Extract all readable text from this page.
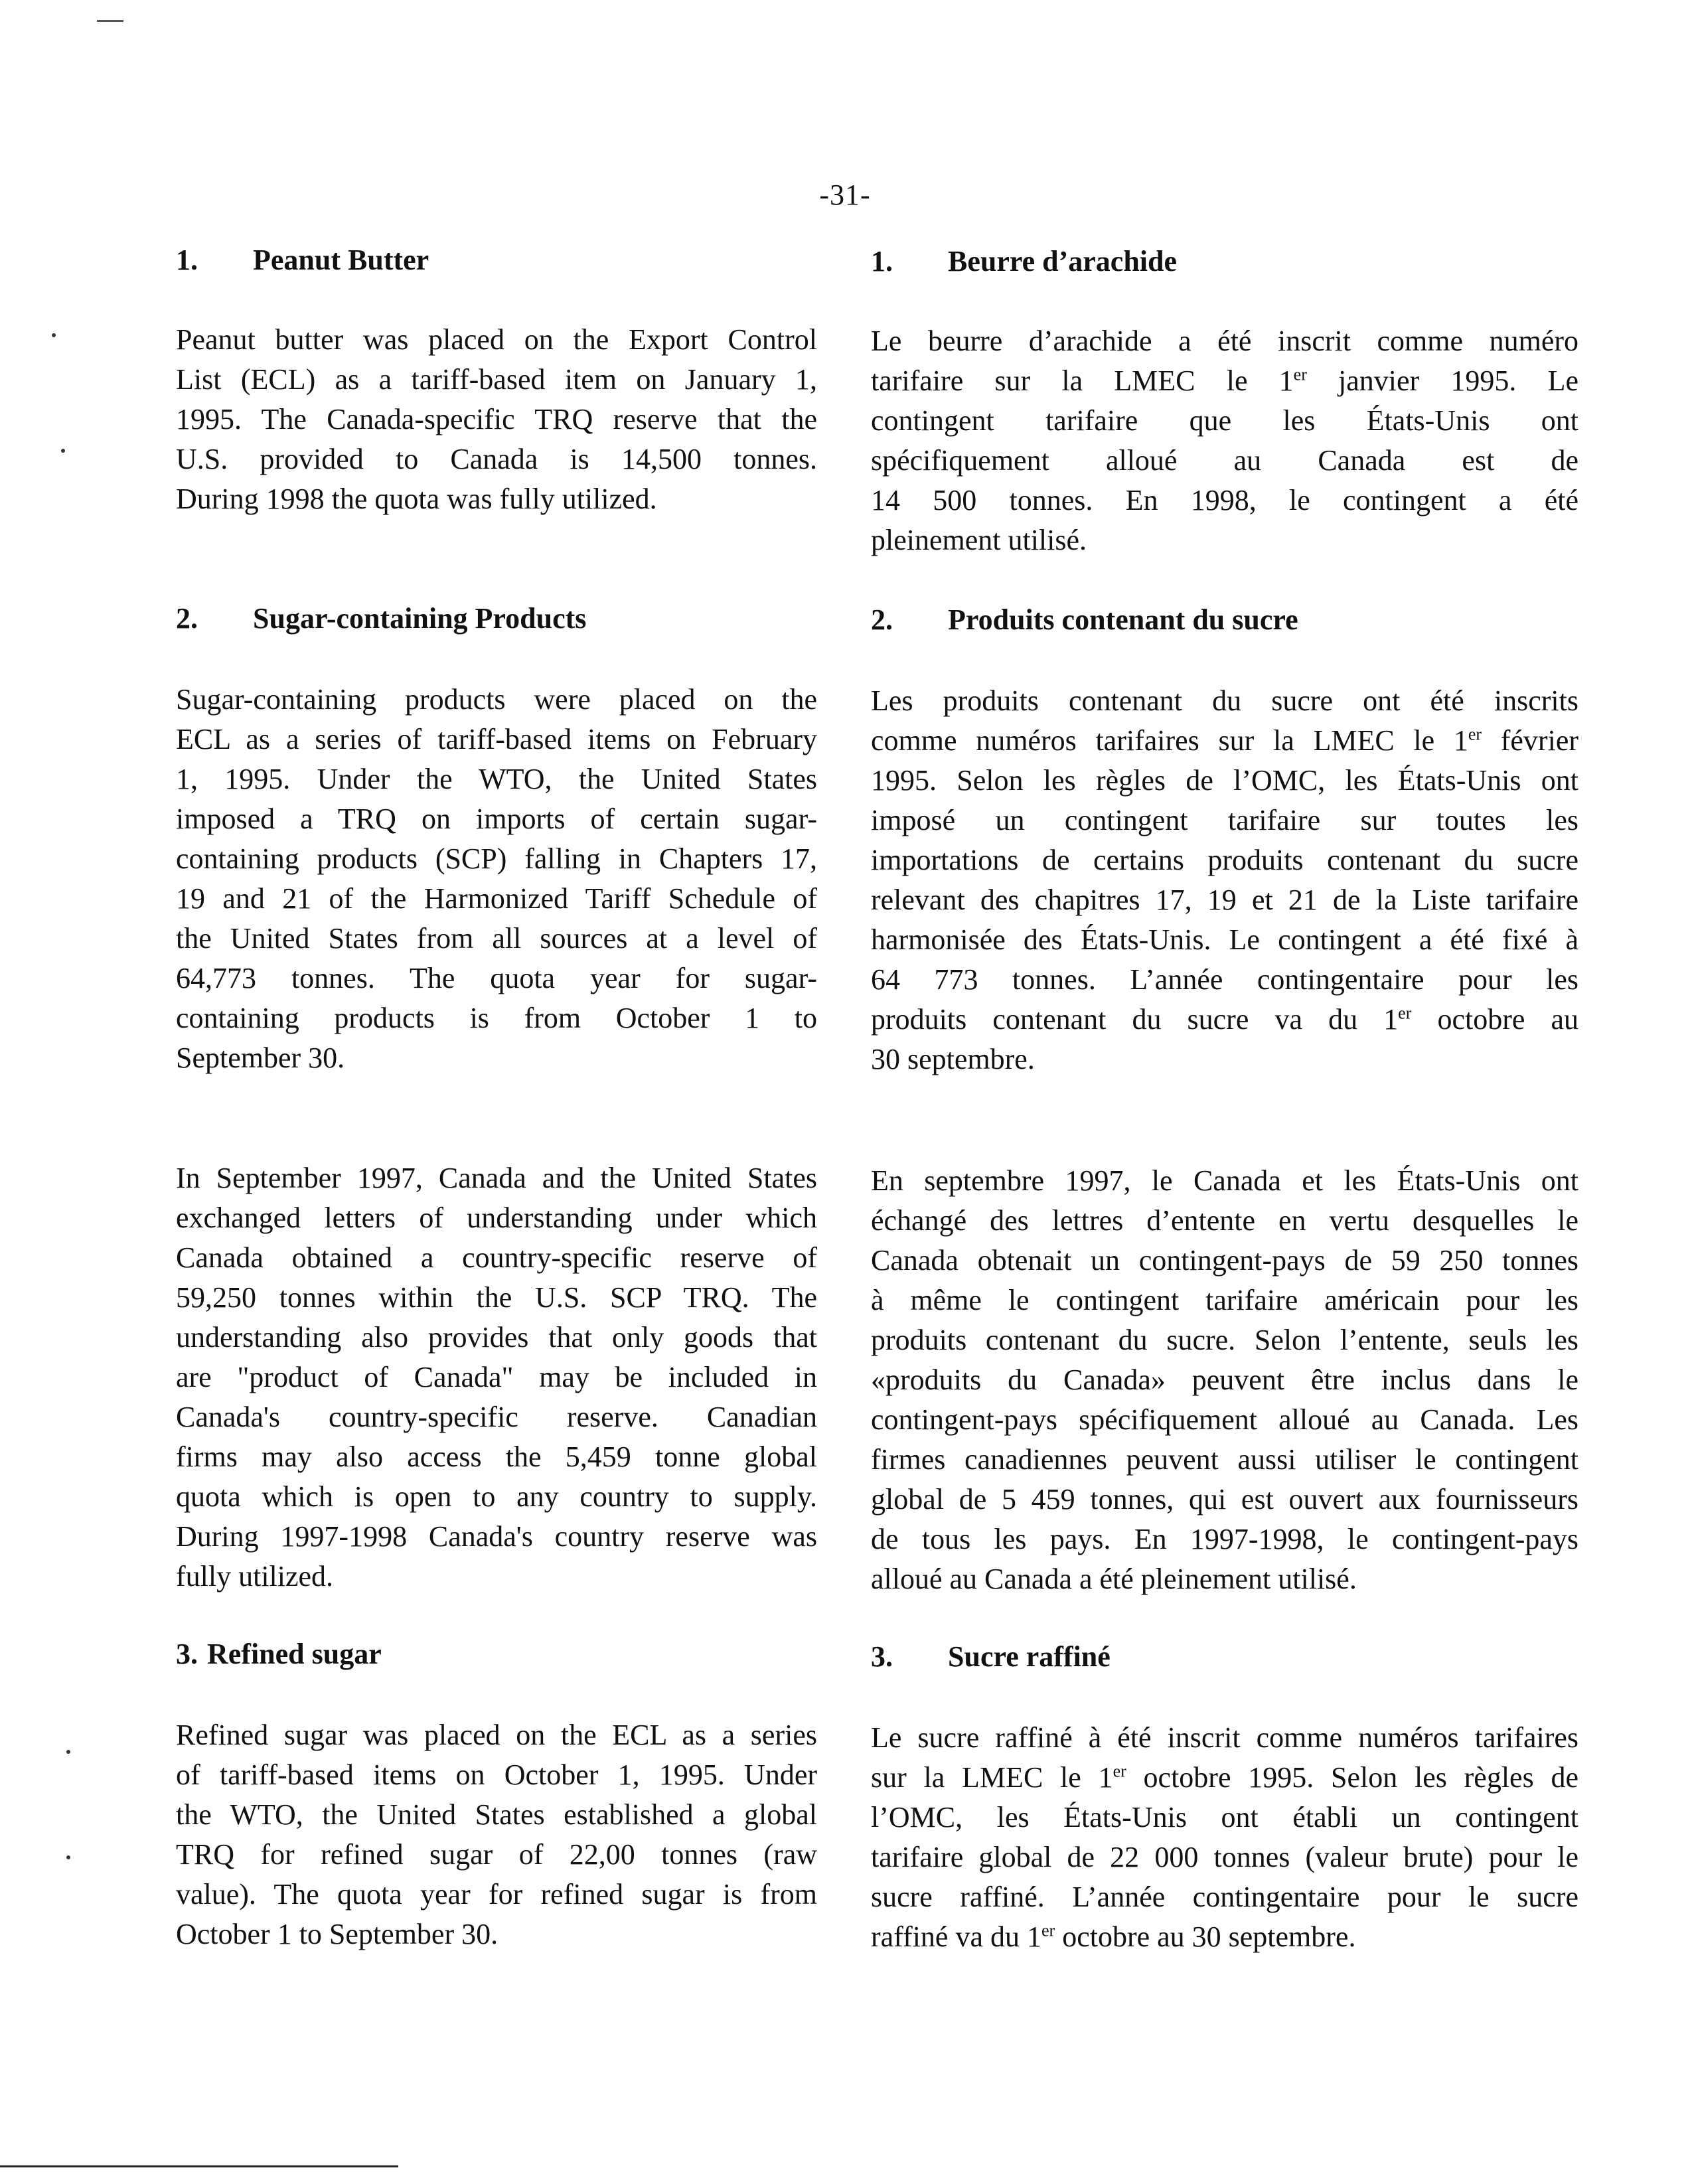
-31-
1. Peanut Butter
Peanut butter was placed on the Export Control
List (ECL) as a tariff-based item on January 1,
1995. The Canada-specific TRQ reserve that the
U.S. provided to Canada is 14,500 tonnes.
During 1998 the quota was fully utilized.
2. Sugar-containing Products
Sugar-containing products were placed on the
ECL as a series of tariff-based items on February
1, 1995. Under the WTO, the United States
imposed a TRQ on imports of certain sugar-
containing products (SCP) falling in Chapters 17,
19 and 21 of the Harmonized Tariff Schedule of
the United States from all sources at a level of
64,773 tonnes. The quota year for sugar-
containing products is from October 1 to
September 30.
In September 1997, Canada and the United States
exchanged letters of understanding under which
Canada obtained a country-specific reserve of
59,250 tonnes within the U.S. SCP TRQ. The
understanding also provides that only goods that
are "product of Canada" may be included in
Canada's country-specific reserve. Canadian
firms may also access the 5,459 tonne global
quota which is open to any country to supply.
During 1997-1998 Canada's country reserve was
fully utilized.
3. Refined sugar
Refined sugar was placed on the ECL as a series
of tariff-based items on October 1, 1995. Under
the WTO, the United States established a global
TRQ for refined sugar of 22,00 tonnes (raw
value). The quota year for refined sugar is from
October 1 to September 30.
1. Beurre d’arachide
Le beurre d’arachide a été inscrit comme numéro
tarifaire sur la LMEC le 1er janvier 1995. Le
contingent tarifaire que les États-Unis ont
spécifiquement alloué au Canada est de
14 500 tonnes. En 1998, le contingent a été
pleinement utilisé.
2. Produits contenant du sucre
Les produits contenant du sucre ont été inscrits
comme numéros tarifaires sur la LMEC le 1er février
1995. Selon les règles de l’OMC, les États-Unis ont
imposé un contingent tarifaire sur toutes les
importations de certains produits contenant du sucre
relevant des chapitres 17, 19 et 21 de la Liste tarifaire
harmonisée des États-Unis. Le contingent a été fixé à
64 773 tonnes. L’année contingentaire pour les
produits contenant du sucre va du 1er octobre au
30 septembre.
En septembre 1997, le Canada et les États-Unis ont
échangé des lettres d’entente en vertu desquelles le
Canada obtenait un contingent-pays de 59 250 tonnes
à même le contingent tarifaire américain pour les
produits contenant du sucre. Selon l’entente, seuls les
«produits du Canada» peuvent être inclus dans le
contingent-pays spécifiquement alloué au Canada. Les
firmes canadiennes peuvent aussi utiliser le contingent
global de 5 459 tonnes, qui est ouvert aux fournisseurs
de tous les pays. En 1997-1998, le contingent-pays
alloué au Canada a été pleinement utilisé.
3. Sucre raffiné
Le sucre raffiné à été inscrit comme numéros tarifaires
sur la LMEC le 1er octobre 1995. Selon les règles de
l’OMC, les États-Unis ont établi un contingent
tarifaire global de 22 000 tonnes (valeur brute) pour le
sucre raffiné. L’année contingentaire pour le sucre
raffiné va du 1er octobre au 30 septembre.
